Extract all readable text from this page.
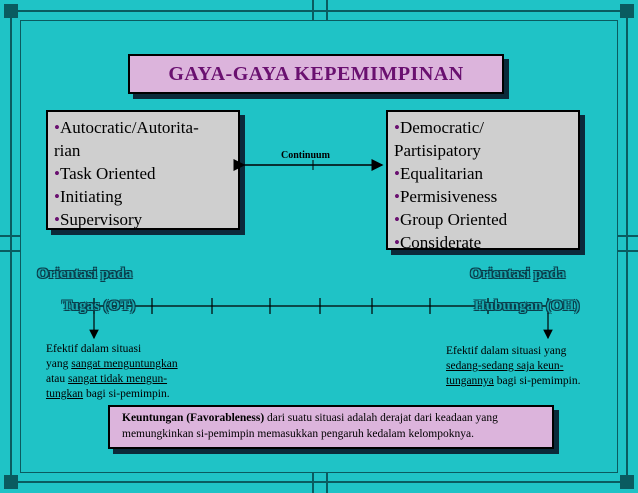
GAYA-GAYA KEPEMIMPINAN
•Autocratic/Autorita-
rian
•Task Oriented
•Initiating
•Supervisory
•Democratic/
Partisipatory
•Equalitarian
•Permisiveness
•Group Oriented
•Considerate
Continuum
Orientasi pada
Tugas (OT)
Orientasi pada
Hubungan (OH)
Efektif dalam situasi
yang sangat menguntungkan
atau sangat tidak mengun-
tungkan bagi si-pemimpin.
Efektif dalam situasi yang
sedang-sedang saja keun-
tungannya bagi si-pemimpin.
Keuntungan (Favorableness) dari suatu situasi adalah derajat dari keadaan yang
memungkinkan si-pemimpin memasukkan pengaruh kedalam kelompoknya.
